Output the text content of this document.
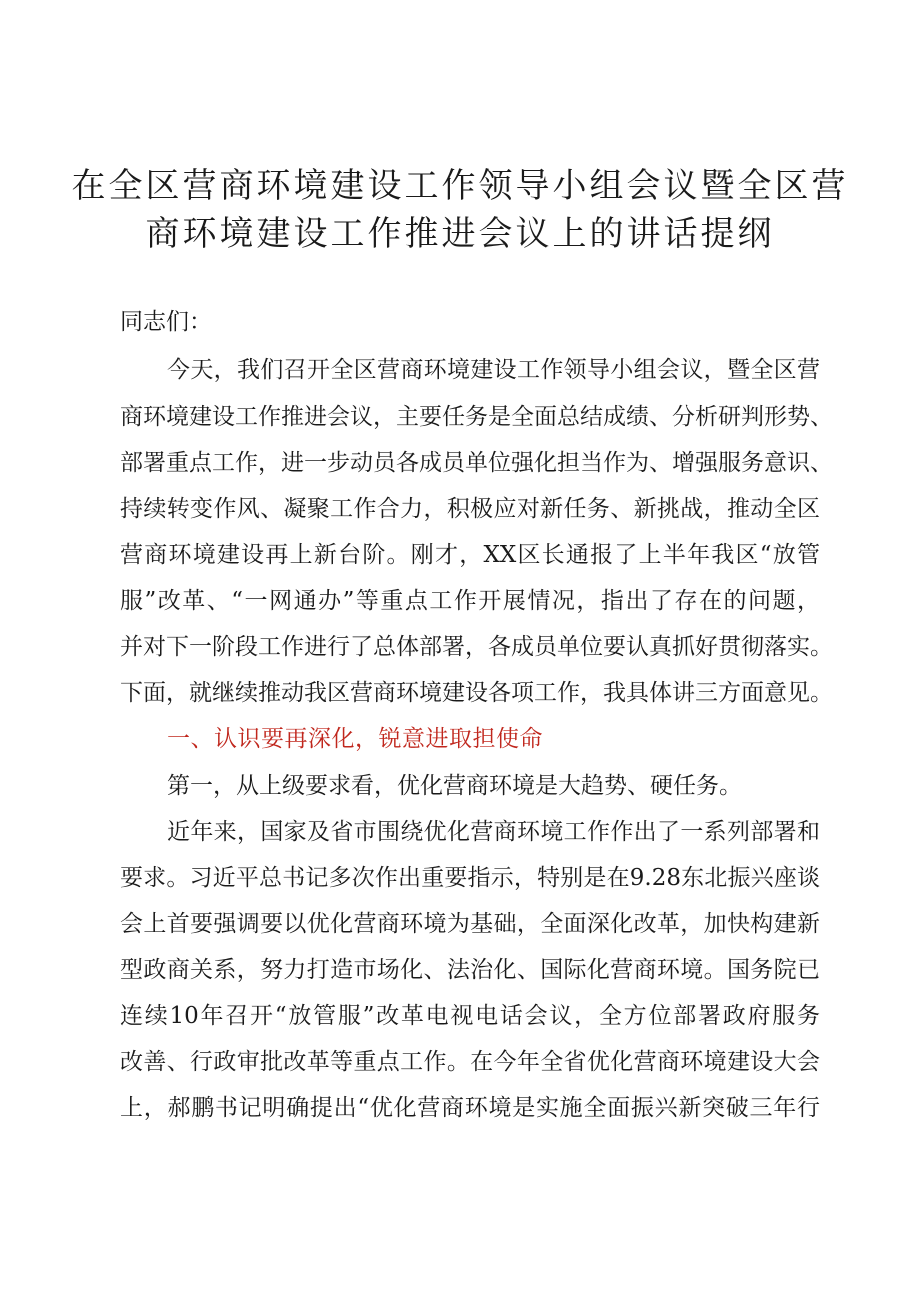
在全区营商环境建设工作领导小组会议暨全区营
商环境建设工作推进会议上的讲话提纲
同志们：
今天，我们召开全区营商环境建设工作领导小组会议，暨全区营
商环境建设工作推进会议，主要任务是全面总结成绩、分析研判形势、
部署重点工作，进一步动员各成员单位强化担当作为、增强服务意识、
持续转变作风、凝聚工作合力，积极应对新任务、新挑战，推动全区
营商环境建设再上新台阶。刚才，XX区长通报了上半年我区“放管
服”改革、“一网通办”等重点工作开展情况，指出了存在的问题，
并对下一阶段工作进行了总体部署，各成员单位要认真抓好贯彻落实。
下面，就继续推动我区营商环境建设各项工作，我具体讲三方面意见。
一、认识要再深化，锐意进取担使命
第一，从上级要求看，优化营商环境是大趋势、硬任务。
近年来，国家及省市围绕优化营商环境工作作出了一系列部署和
要求。习近平总书记多次作出重要指示，特别是在9.28东北振兴座谈
会上首要强调要以优化营商环境为基础，全面深化改革，加快构建新
型政商关系，努力打造市场化、法治化、国际化营商环境。国务院已
连续10年召开“放管服”改革电视电话会议，全方位部署政府服务
改善、行政审批改革等重点工作。在今年全省优化营商环境建设大会
上，郝鹏书记明确提出“优化营商环境是实施全面振兴新突破三年行
